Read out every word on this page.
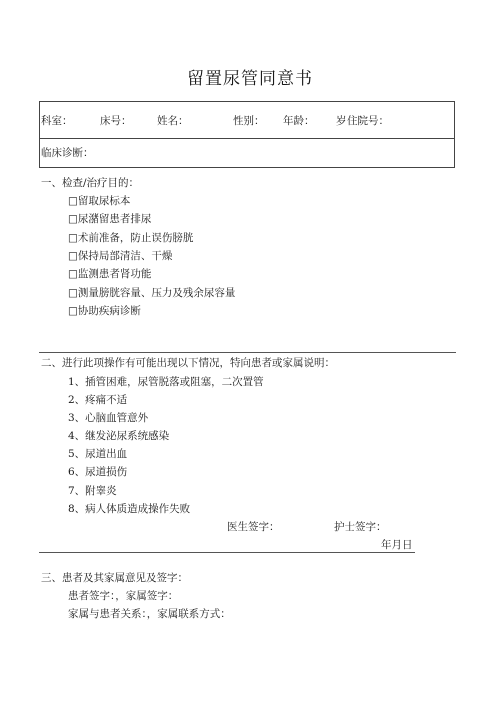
留置尿管同意书
科室：	床号： 姓名：	性别： 年龄： 岁 住院号：
临床诊断：
一、检查/治疗目的：
□留取尿标本
□尿潴留患者排尿
□术前准备，防止误伤膀胱
□保持局部清洁、干燥
□监测患者肾功能
□测量膀胱容量、压力及残余尿容量
□协助疾病诊断
二、进行此项操作有可能出现以下情况，特向患者或家属说明：
1、插管困难，尿管脱落或阻塞，二次置管
2、疼痛不适
3、心脑血管意外
4、继发泌尿系统感染
5、尿道出血
6、尿道损伤
7、附睾炎
8、病人体质造成操作失败
医生签字：	护士签字：
年月日
三、患者及其家属意见及签字：
患者签字：，家属签字：
家属与患者关系：，家属联系方式：
